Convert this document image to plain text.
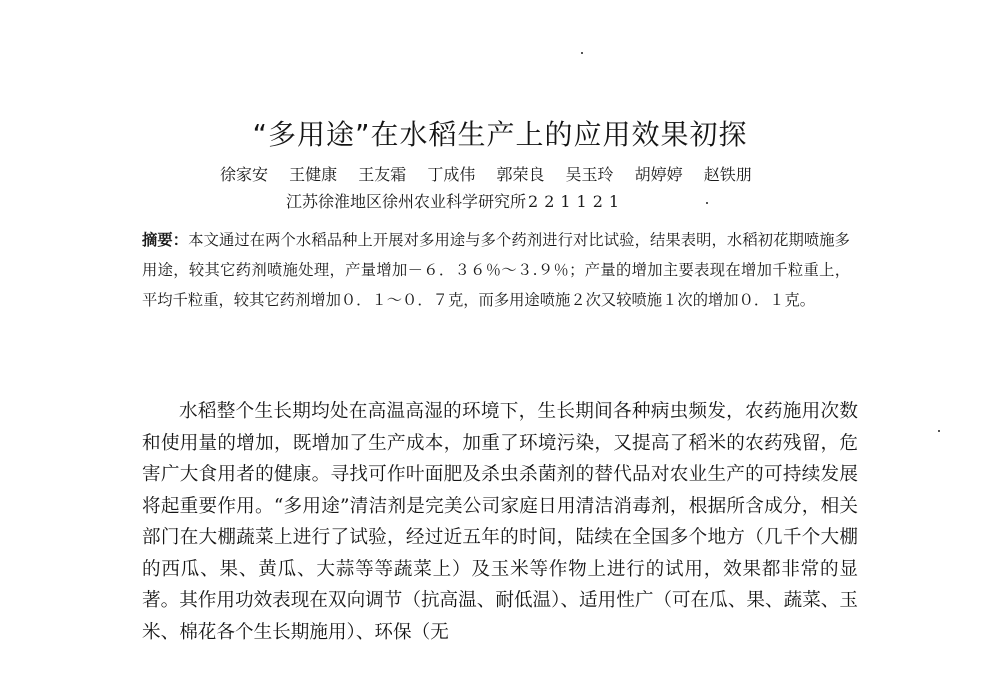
“多用途”在水稻生产上的应用效果初探
徐家安 王健康 王友霜 丁成伟 郭荣良 吴玉玲 胡婷婷 赵铁朋
江苏徐淮地区徐州农业科学研究所 221121
摘要：本文通过在两个水稻品种上开展对多用途与多个药剂进行对比试验，结果表明，水稻初花期喷施多用途，较其它药剂喷施处理，产量增加－６．３６％～３.９％；产量的增加主要表现在增加千粒重上，平均千粒重，较其它药剂增加０．１～０．７克，而多用途喷施２次又较喷施１次的增加０．１克。

水稻整个生长期均处在高温高湿的环境下，生长期间各种病虫频发，农药施用次数和使用量的增加，既增加了生产成本，加重了环境污染，又提高了稻米的农药残留，危害广大食用者的健康。寻找可作叶面肥及杀虫杀菌剂的替代品对农业生产的可持续发展将起重要作用。“多用途”清洁剂是完美公司家庭日用清洁消毒剂，根据所含成分，相关部门在大棚蔬菜上进行了试验，经过近五年的时间，陆续在全国多个地方（几千个大棚的西瓜、果、黄瓜、大蒜等等蔬菜上）及玉米等作物上进行的试用，效果都非常的显著。其作用功效表现在双向调节（抗高温、耐低温）、适用性广（可在瓜、果、蔬菜、玉米、棉花各个生长期施用）、环保（无
